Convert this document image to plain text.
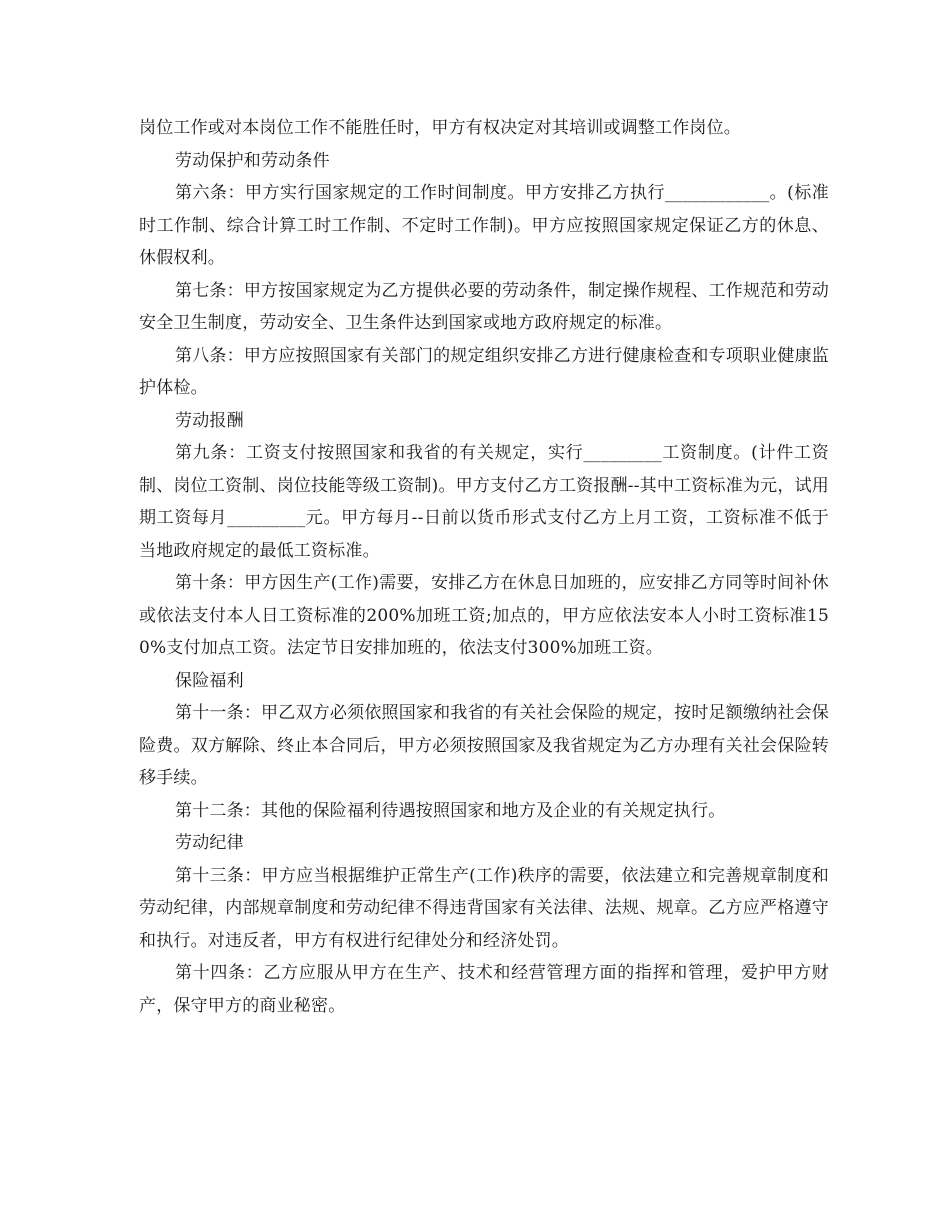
岗位工作或对本岗位工作不能胜任时，甲方有权决定对其培训或调整工作岗位。

劳动保护和劳动条件

第六条：甲方实行国家规定的工作时间制度。甲方安排乙方执行____________。(标准时工作制、综合计算工时工作制、不定时工作制)。甲方应按照国家规定保证乙方的休息、休假权利。

第七条：甲方按国家规定为乙方提供必要的劳动条件，制定操作规程、工作规范和劳动安全卫生制度，劳动安全、卫生条件达到国家或地方政府规定的标准。

第八条：甲方应按照国家有关部门的规定组织安排乙方进行健康检查和专项职业健康监护体检。

劳动报酬

第九条：工资支付按照国家和我省的有关规定，实行_________工资制度。(计件工资制、岗位工资制、岗位技能等级工资制)。甲方支付乙方工资报酬--其中工资标准为元，试用期工资每月_________元。甲方每月--日前以货币形式支付乙方上月工资，工资标准不低于当地政府规定的最低工资标准。

第十条：甲方因生产(工作)需要，安排乙方在休息日加班的，应安排乙方同等时间补休或依法支付本人日工资标准的200%加班工资;加点的，甲方应依法安本人小时工资标准150%支付加点工资。法定节日安排加班的，依法支付300%加班工资。

保险福利

第十一条：甲乙双方必须依照国家和我省的有关社会保险的规定，按时足额缴纳社会保险费。双方解除、终止本合同后，甲方必须按照国家及我省规定为乙方办理有关社会保险转移手续。

第十二条：其他的保险福利待遇按照国家和地方及企业的有关规定执行。

劳动纪律

第十三条：甲方应当根据维护正常生产(工作)秩序的需要，依法建立和完善规章制度和劳动纪律，内部规章制度和劳动纪律不得违背国家有关法律、法规、规章。乙方应严格遵守和执行。对违反者，甲方有权进行纪律处分和经济处罚。

第十四条：乙方应服从甲方在生产、技术和经营管理方面的指挥和管理，爱护甲方财产，保守甲方的商业秘密。
